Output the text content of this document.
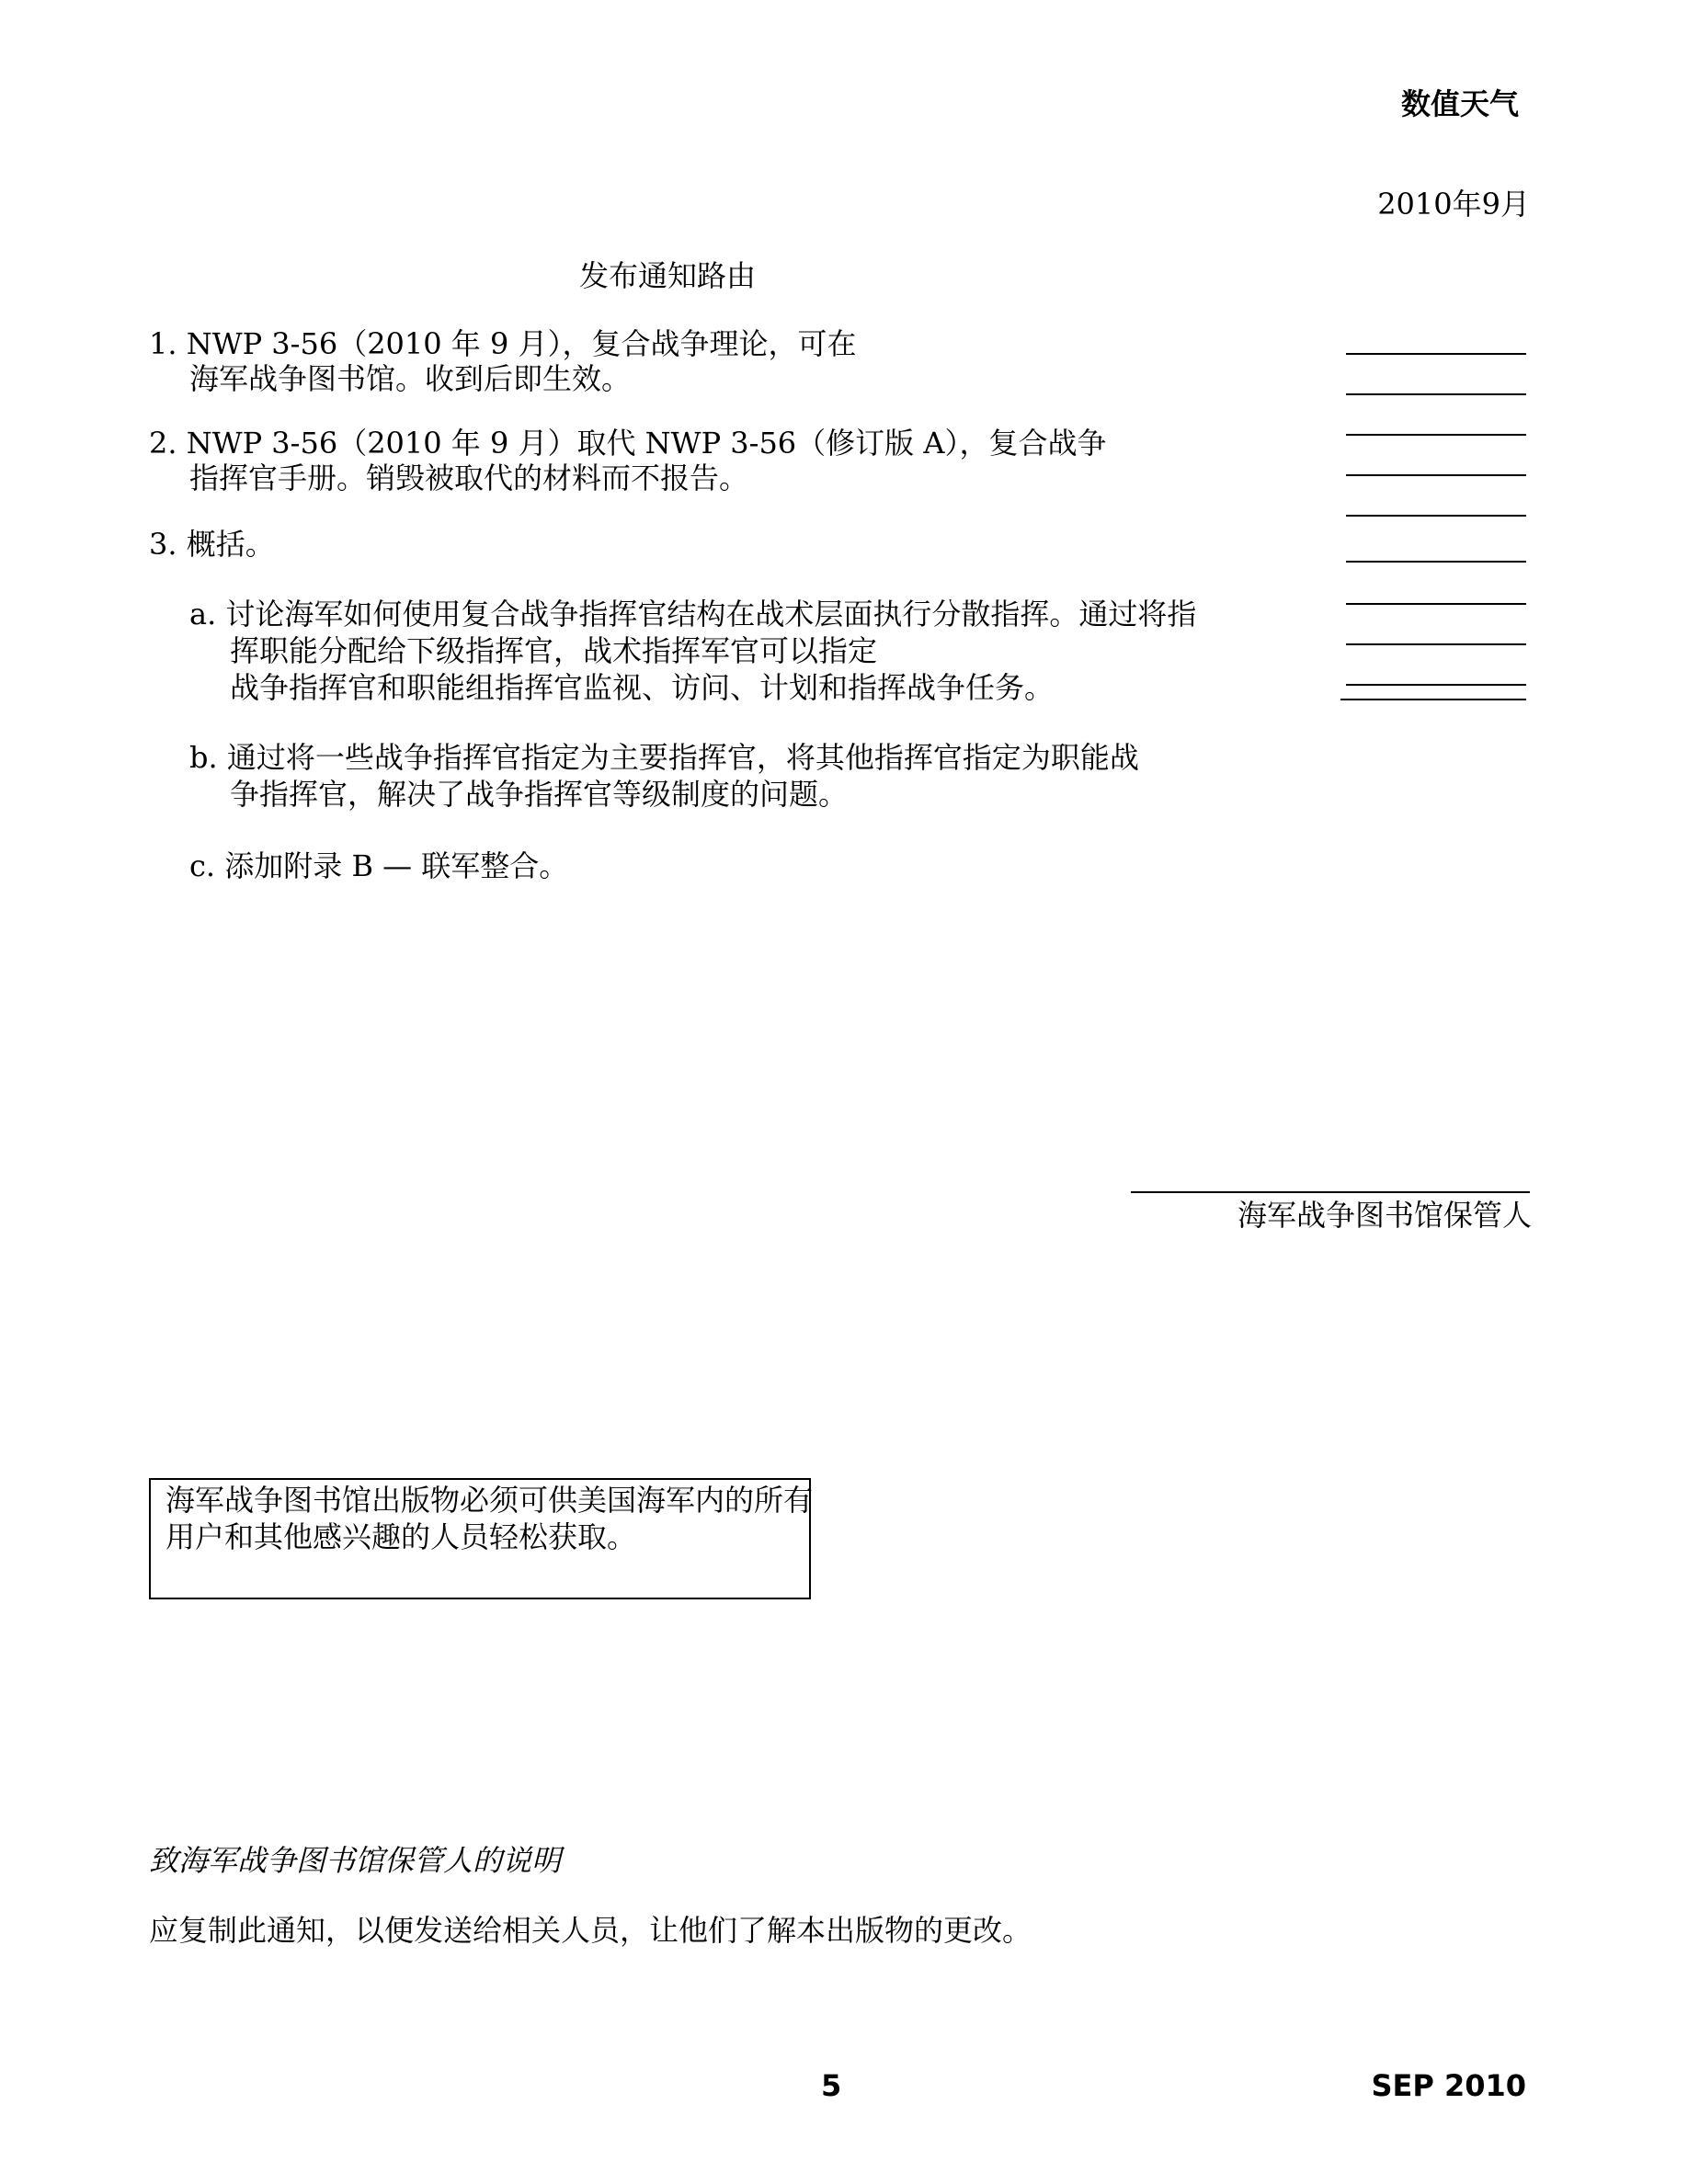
数值天气
2010年9月
发布通知路由
1. NWP 3-56（2010 年 9 月），复合战争理论，可在
海军战争图书馆。收到后即生效。
2. NWP 3-56（2010 年 9 月）取代 NWP 3-56（修订版 A），复合战争
指挥官手册。销毁被取代的材料而不报告。
3. 概括。
a. 讨论海军如何使用复合战争指挥官结构在战术层面执行分散指挥。通过将指
挥职能分配给下级指挥官，战术指挥军官可以指定
战争指挥官和职能组指挥官监视、访问、计划和指挥战争任务。
b. 通过将一些战争指挥官指定为主要指挥官，将其他指挥官指定为职能战
争指挥官，解决了战争指挥官等级制度的问题。
c. 添加附录 B — 联军整合。
海军战争图书馆保管人
海军战争图书馆出版物必须可供美国海军内的所有
用户和其他感兴趣的人员轻松获取。
致海军战争图书馆保管人的说明
应复制此通知，以便发送给相关人员，让他们了解本出版物的更改。
5	SEP 2010
